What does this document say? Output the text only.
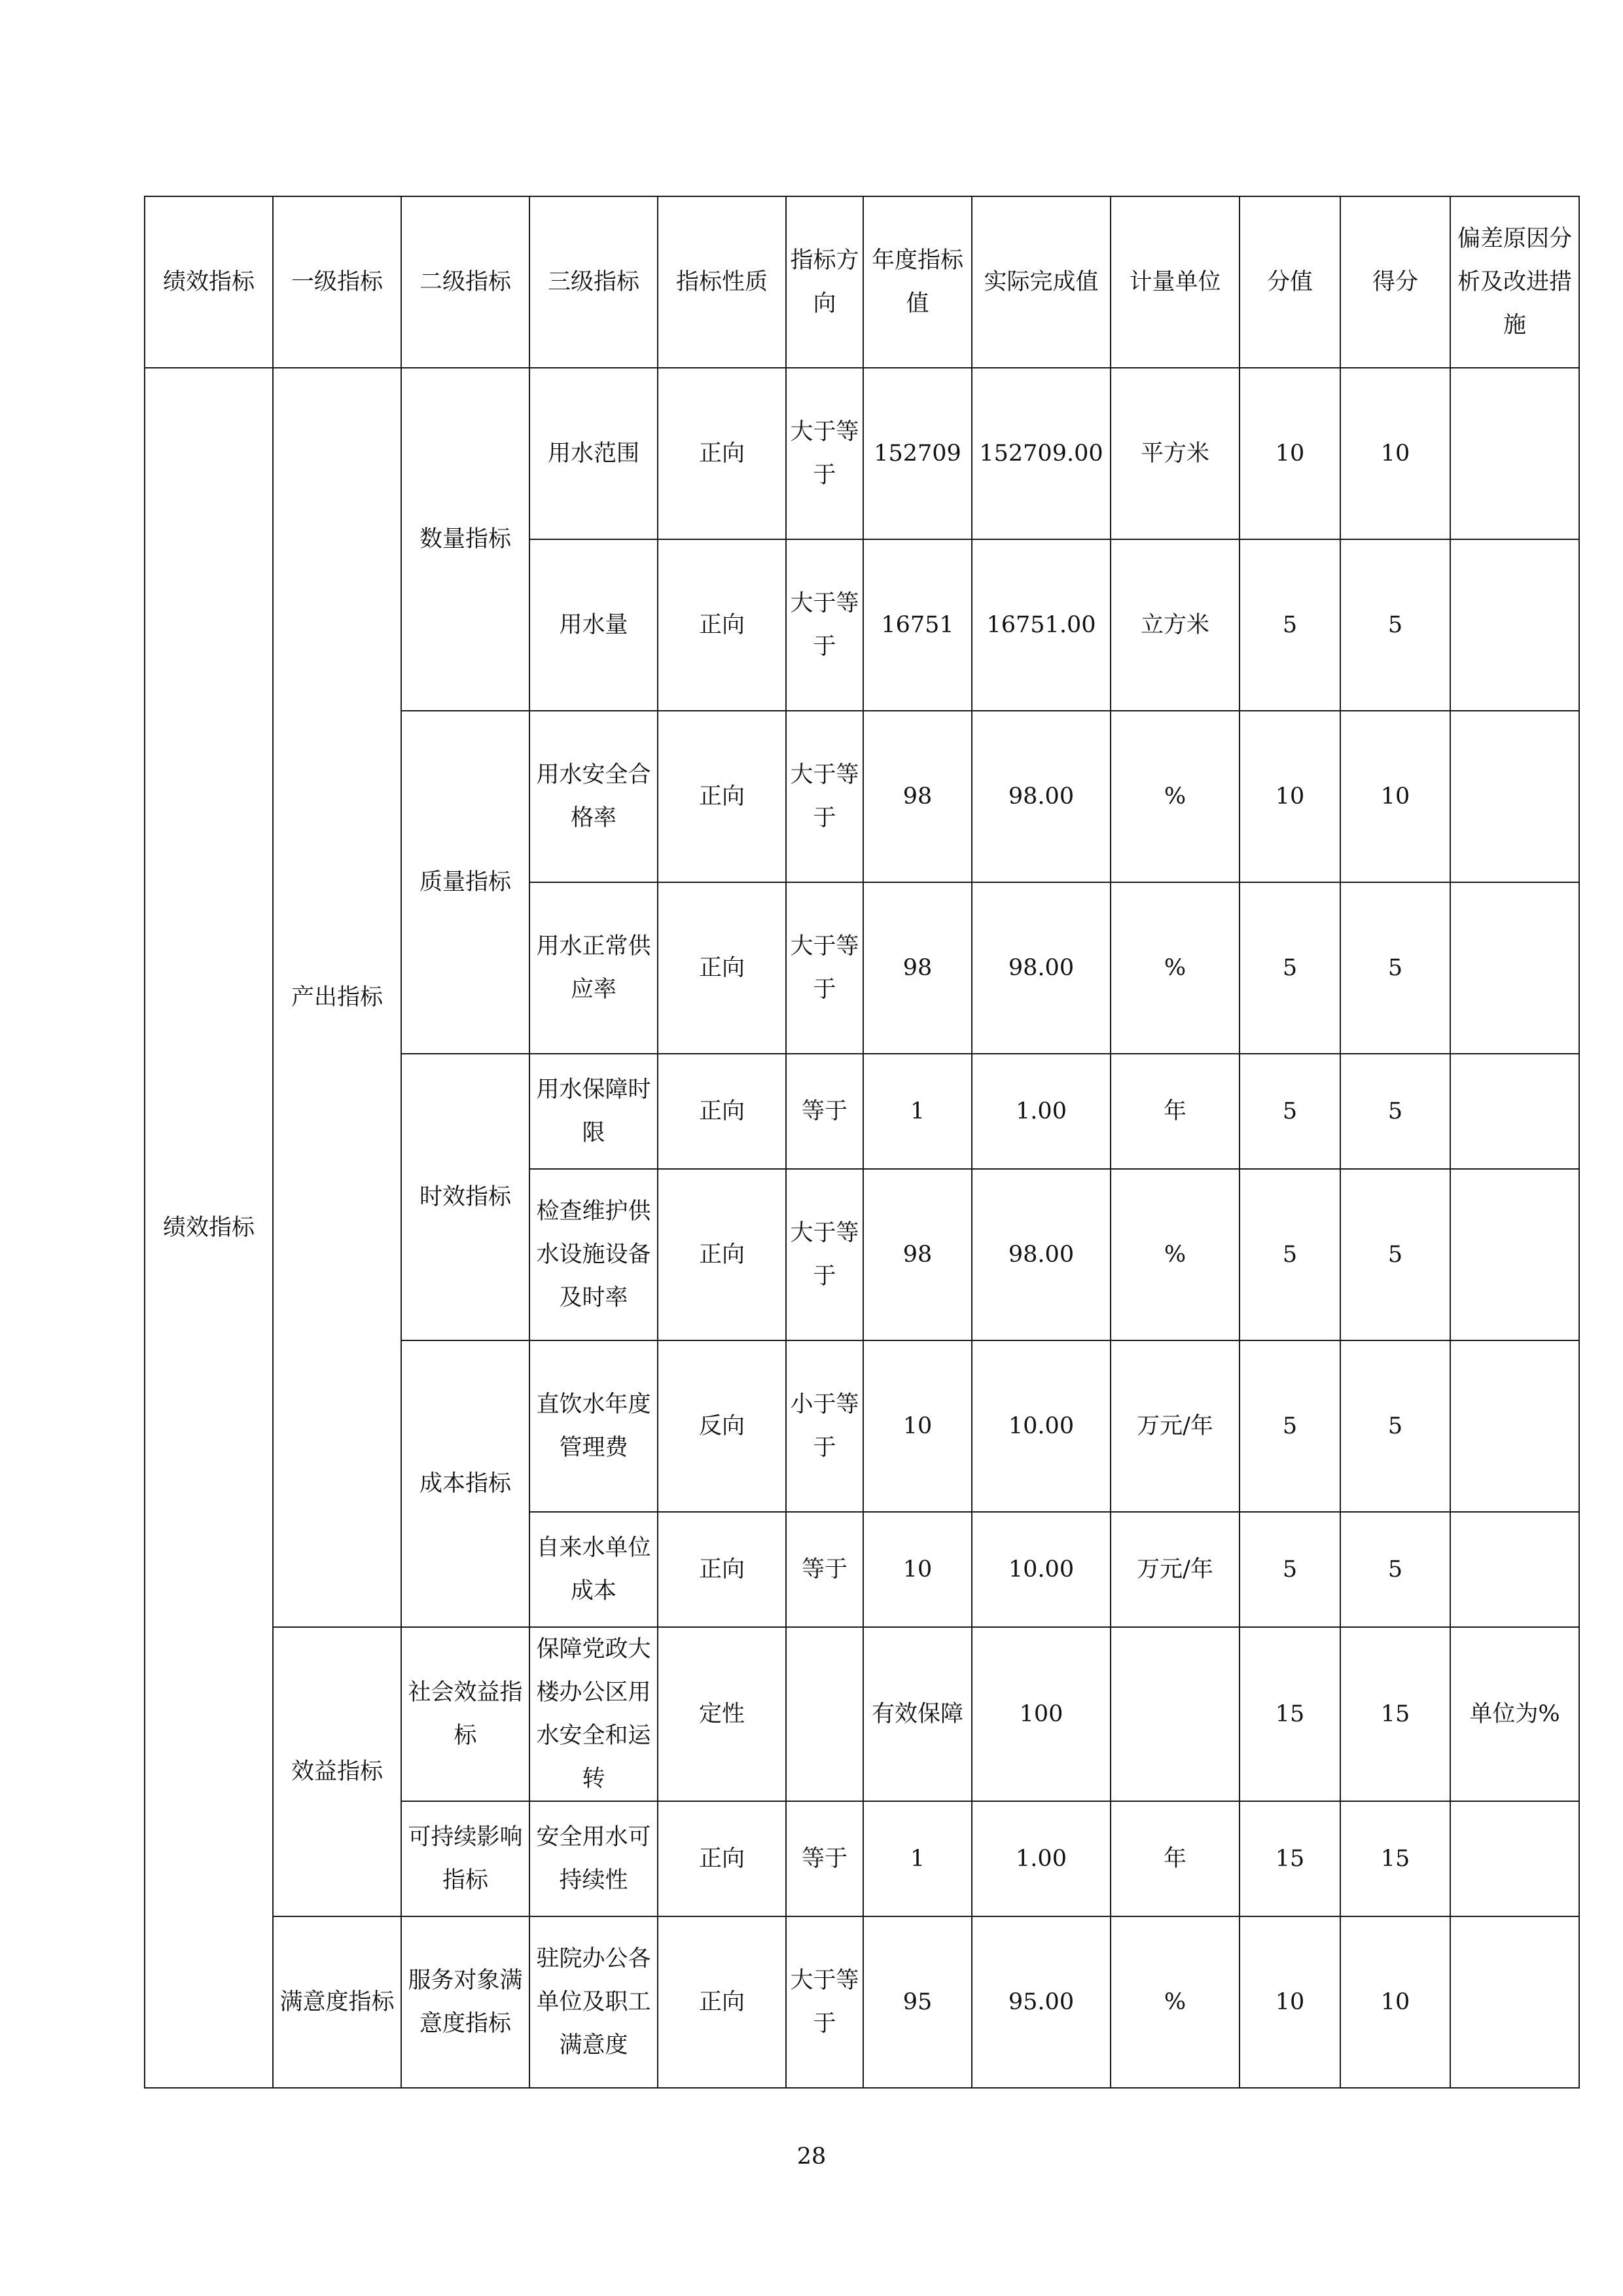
绩效指标	一级指标	二级指标	三级指标	指标性质	指标方向	年度指标值	实际完成值	计量单位	分值	得分	偏差原因分析及改进措施
绩效指标	产出指标	数量指标	用水范围	正向	大于等于	152709	152709.00	平方米	10	10	
			用水量	正向	大于等于	16751	16751.00	立方米	5	5	
		质量指标	用水安全合格率	正向	大于等于	98	98.00	%	10	10	
			用水正常供应率	正向	大于等于	98	98.00	%	5	5	
		时效指标	用水保障时限	正向	等于	1	1.00	年	5	5	
			检查维护供水设施设备及时率	正向	大于等于	98	98.00	%	5	5	
		成本指标	直饮水年度管理费	反向	小于等于	10	10.00	万元/年	5	5	
			自来水单位成本	正向	等于	10	10.00	万元/年	5	5	
	效益指标	社会效益指标	保障党政大楼办公区用水安全和运转	定性		有效保障	100		15	15	单位为%
		可持续影响指标	安全用水可持续性	正向	等于	1	1.00	年	15	15	
	满意度指标	服务对象满意度指标	驻院办公各单位及职工满意度	正向	大于等于	95	95.00	%	10	10	
28
